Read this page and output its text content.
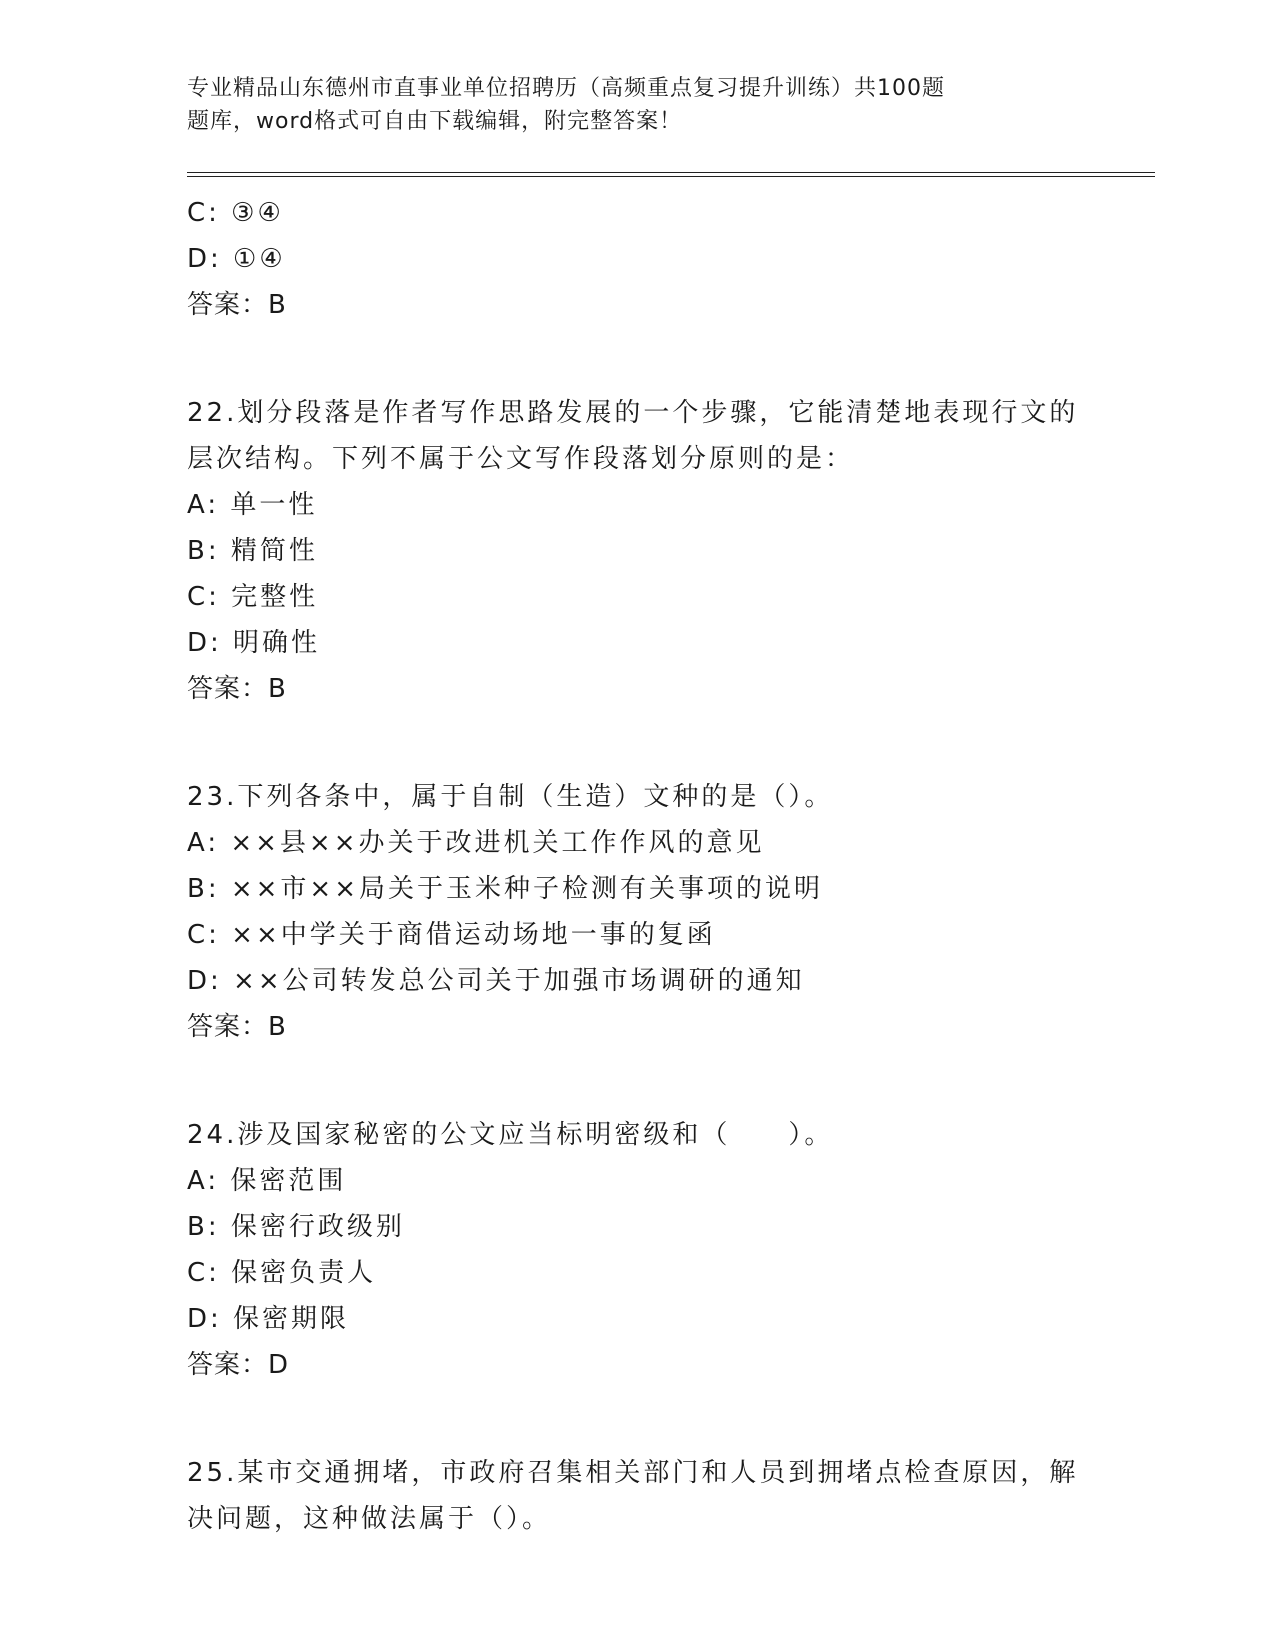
专业精品山东德州市直事业单位招聘历（高频重点复习提升训练）共100题
题库，word格式可自由下载编辑，附完整答案！
C: ③④
D: ①④
答案：B
22.划分段落是作者写作思路发展的一个步骤，它能清楚地表现行文的
层次结构。下列不属于公文写作段落划分原则的是：
A: 单一性
B: 精简性
C: 完整性
D: 明确性
答案：B
23.下列各条中，属于自制（生造）文种的是（）。
A: ××县××办关于改进机关工作作风的意见
B: ××市××局关于玉米种子检测有关事项的说明
C: ××中学关于商借运动场地一事的复函
D: ××公司转发总公司关于加强市场调研的通知
答案：B
24.涉及国家秘密的公文应当标明密级和（　　）。
A: 保密范围
B: 保密行政级别
C: 保密负责人
D: 保密期限
答案：D
25.某市交通拥堵，市政府召集相关部门和人员到拥堵点检查原因，解
决问题，这种做法属于（）。
